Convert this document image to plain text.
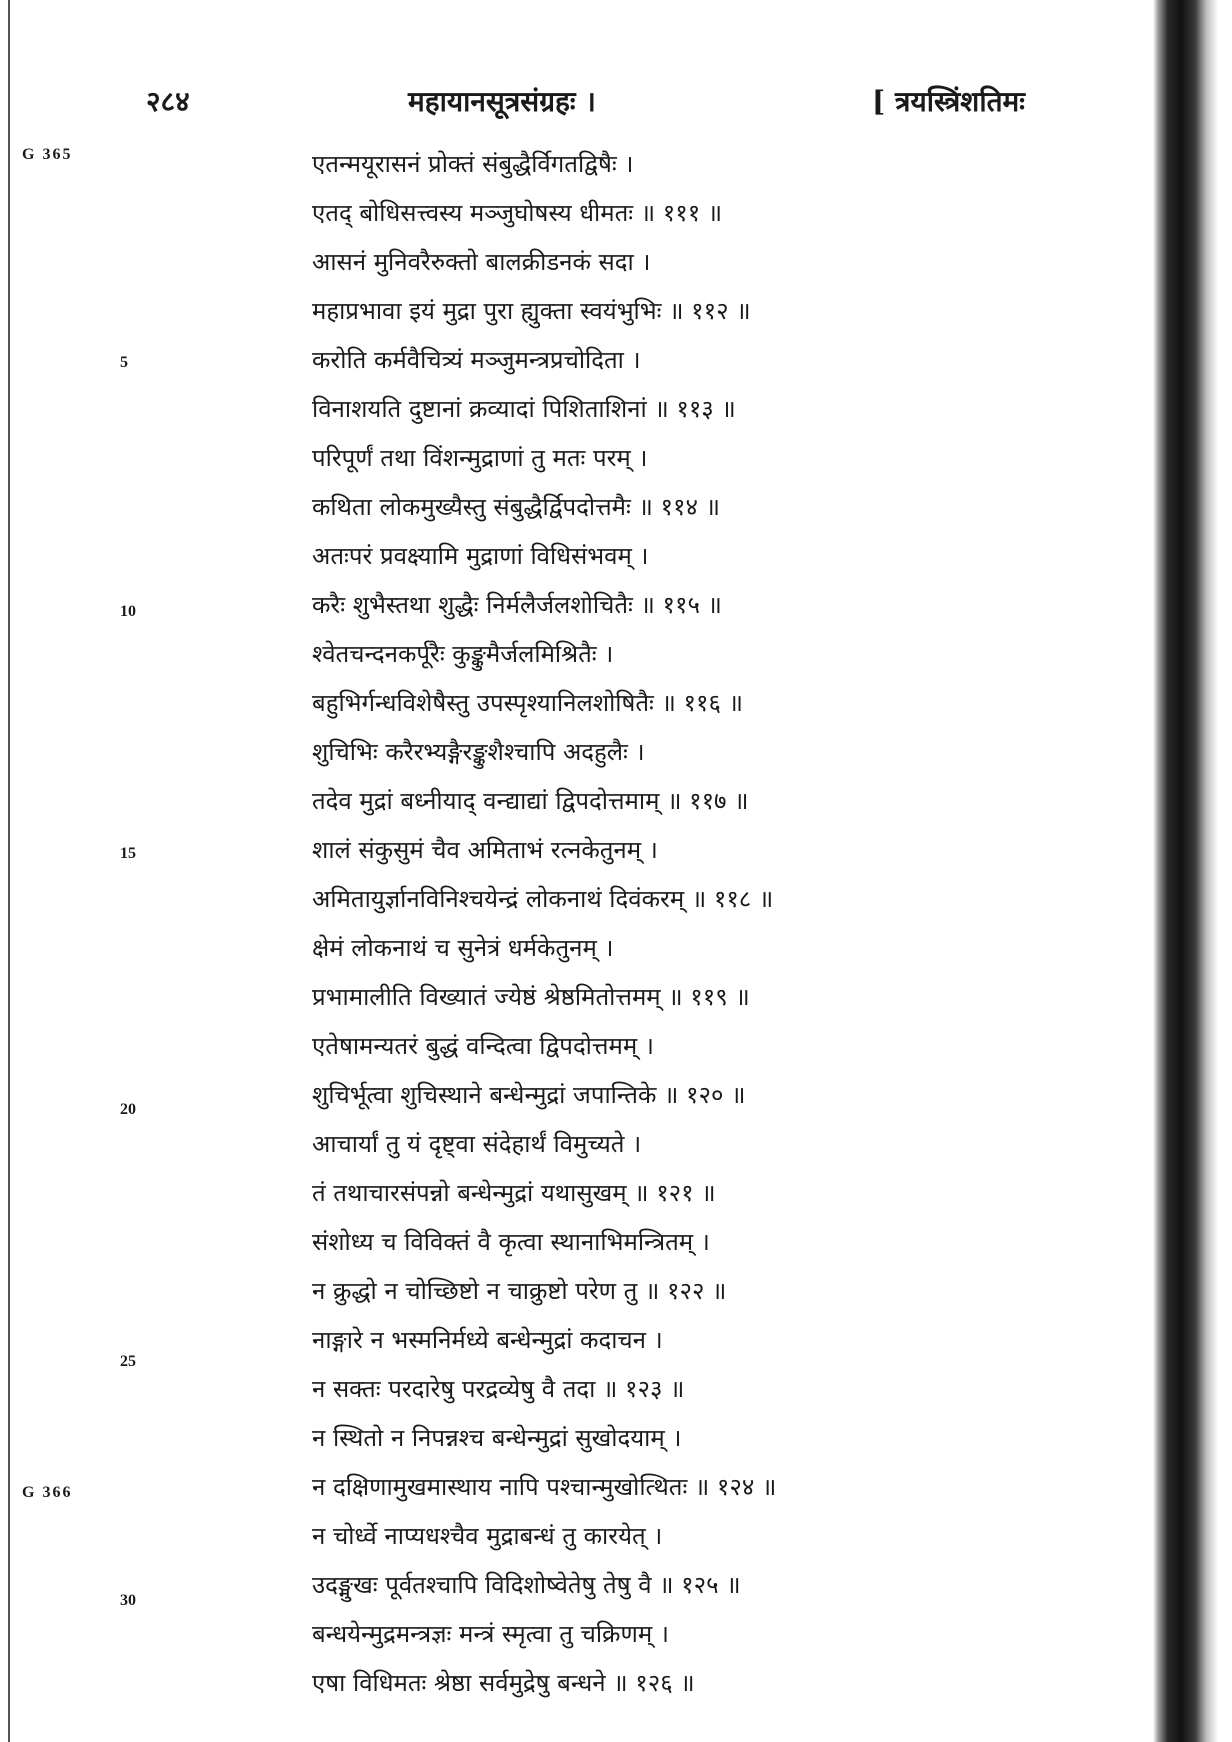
२८४	महायानसूत्रसंग्रहः ।	[ त्रयस्त्रिंशतिमः
G 365
G 366
5
10
15
20
25
30
एतन्मयूरासनं प्रोक्तं संबुद्धैर्विगतद्विषैः ।
एतद् बोधिसत्त्वस्य मञ्जुघोषस्य धीमतः ॥ १११ ॥
आसनं मुनिवरैरुक्तो बालक्रीडनकं सदा ।
महाप्रभावा इयं मुद्रा पुरा ह्युक्ता स्वयंभुभिः ॥ ११२ ॥
करोति कर्मवैचित्र्यं मञ्जुमन्त्रप्रचोदिता ।
विनाशयति दुष्टानां क्रव्यादां पिशिताशिनां ॥ ११३ ॥
परिपूर्णं तथा विंशन्मुद्राणां तु मतः परम् ।
कथिता लोकमुख्यैस्तु संबुद्धैर्द्विपदोत्तमैः ॥ ११४ ॥
अतःपरं प्रवक्ष्यामि मुद्राणां विधिसंभवम् ।
करैः शुभैस्तथा शुद्धैः निर्मलैर्जलशोचितैः ॥ ११५ ॥
श्वेतचन्दनकर्पूरैः कुङ्कुमैर्जलमिश्रितैः ।
बहुभिर्गन्धविशेषैस्तु उपस्पृश्यानिलशोषितैः ॥ ११६ ॥
शुचिभिः करैरभ्यङ्गैरङ्कुशैश्चापि अदहुलैः ।
तदेव मुद्रां बध्नीयाद् वन्द्याद्यां द्विपदोत्तमाम् ॥ ११७ ॥
शालं संकुसुमं चैव अमिताभं रत्नकेतुनम् ।
अमितायुर्ज्ञानविनिश्चयेन्द्रं लोकनाथं दिवंकरम् ॥ ११८ ॥
क्षेमं लोकनाथं च सुनेत्रं धर्मकेतुनम् ।
प्रभामालीति विख्यातं ज्येष्ठं श्रेष्ठमितोत्तमम् ॥ ११९ ॥
एतेषामन्यतरं बुद्धं वन्दित्वा द्विपदोत्तमम् ।
शुचिर्भूत्वा शुचिस्थाने बन्धेन्मुद्रां जपान्तिके ॥ १२० ॥
आचार्यां तु यं दृष्ट्वा संदेहार्थं विमुच्यते ।
तं तथाचारसंपन्नो बन्धेन्मुद्रां यथासुखम् ॥ १२१ ॥
संशोध्य च विविक्तं वै कृत्वा स्थानाभिमन्त्रितम् ।
न क्रुद्धो न चोच्छिष्टो न चाक्रुष्टो परेण तु ॥ १२२ ॥
नाङ्गारे न भस्मनिर्मध्ये बन्धेन्मुद्रां कदाचन ।
न सक्तः परदारेषु परद्रव्येषु वै तदा ॥ १२३ ॥
न स्थितो न निपन्नश्च बन्धेन्मुद्रां सुखोदयाम् ।
न दक्षिणामुखमास्थाय नापि पश्चान्मुखोत्थितः ॥ १२४ ॥
न चोर्ध्वे नाप्यधश्चैव मुद्राबन्धं तु कारयेत् ।
उदङ्मुखः पूर्वतश्चापि विदिशोष्वेतेषु तेषु वै ॥ १२५ ॥
बन्धयेन्मुद्रमन्त्रज्ञः मन्त्रं स्मृत्वा तु चक्रिणम् ।
एषा विधिमतः श्रेष्ठा सर्वमुद्रेषु बन्धने ॥ १२६ ॥
